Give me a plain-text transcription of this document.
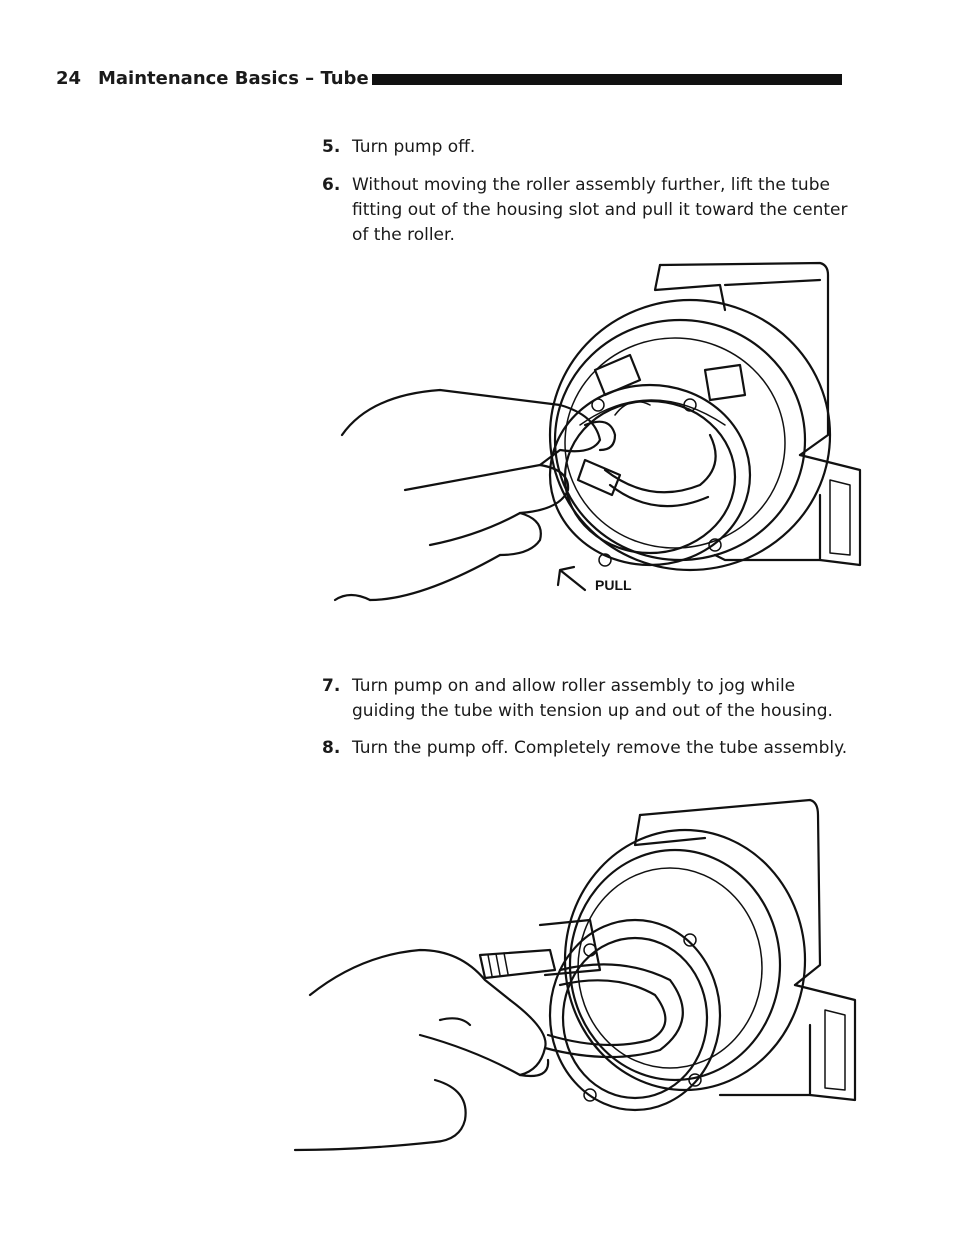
24 Maintenance Basics – Tube
5. Turn pump off.
6. Without moving the roller assembly further, lift the tube fitting out of the housing slot and pull it toward the center of the roller.
PULL
7. Turn pump on and allow roller assembly to jog while guiding the tube with tension up and out of the housing.
8. Turn the pump off. Completely remove the tube assembly.
